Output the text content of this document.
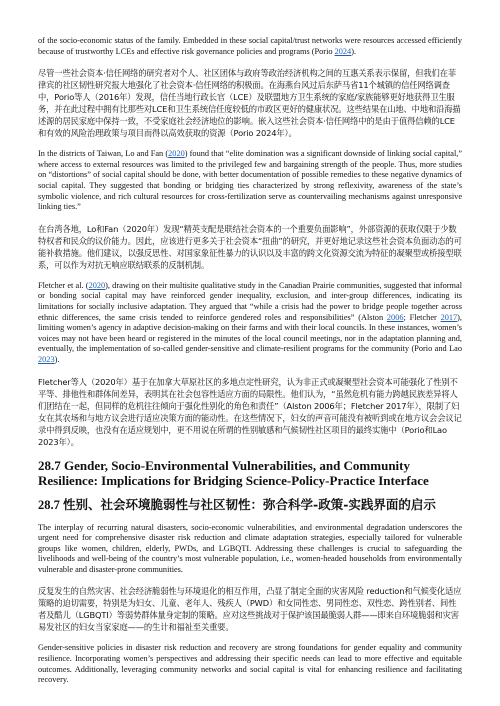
of the socio-economic status of the family. Embedded in these social capital/trust networks were resources accessed efficiently because of trustworthy LCEs and effective risk governance policies and programs (Porio 2024).

尽管一些社会资本·信任网络的研究者对个人、社区团体与政府等政治经济机构之间的互惠关系表示保留，但我们在菲律宾的社区韧性研究报大地强化了社会资本·信任网络的积极面。在海燕台风过后东萨马省11个城镇的信任网络调查中，Porio等人（2016年）发现，信任当地行政长官（LCE）及联盟地方卫生系统的家庭/家族能够更好地获得卫生服务，并在此过程中拥有比那些对LCE和卫生系统信任度较低的市政区更好的健康状况。这些结果在山地、中地和沿海描述源的居民家庭中保持一致，不受家庭社会经济地位的影响。嵌入这些社会资本·信任网络中的是由于值得信赖的LCE和有效的风险治理政策与项目而得以高效获取的资源（Porio 2024年）。

In the districts of Taiwan, Lo and Fan (2020) found that “elite domination was a significant downside of linking social capital,” where access to external resources was limited to the privileged few and bargaining strength of the people. Thus, more studies on “distortions” of social capital should be done, with better documentation of possible remedies to these negative dynamics of social capital. They suggested that bonding or bridging ties characterized by strong reflexivity, awareness of the state’s symbolic violence, and rich cultural resources for cross-fertilization serve as countervailing mechanisms against unresponsive linking ties.”

在台湾各地，Lo和Fan（2020年）发现“精英支配是联结社会资本的一个重要负面影响”，外部资源的获取仅限于少数特权者和民众的议价能力。因此，应该进行更多关于社会资本“扭曲”的研究，并更好地记录这些社会资本负面动态的可能补救措施。他们建议，以强反思性、对国家象征性暴力的认识以及丰富的跨文化资源交流为特征的凝聚型或桥接型联系，可以作为对抗无响应联结联系的反制机制。

Fletcher et al. (2020), drawing on their multisite qualitative study in the Canadian Prairie communities, suggested that informal or bonding social capital may have reinforced gender inequality, exclusion, and inter-group differences, indicating its limitations for socially inclusive adaptation. They argued that “while a crisis had the power to bridge people together across ethnic differences, the same crisis tended to reinforce gendered roles and responsibilities” (Alston 2006; Fletcher 2017), limiting women’s agency in adaptive decision-making on their farms and with their local councils. In these instances, women’s voices may not have been heard or registered in the minutes of the local council meetings, nor in the adaptation planning and, eventually, the implementation of so-called gender-sensitive and climate-resilient programs for the community (Porio and Lao 2023).

Fletcher等人（2020年）基于在加拿大草原社区的多地点定性研究，认为非正式或凝聚型社会资本可能强化了性别不平等、排他性和群体间差异，表明其在社会包容性适应方面的局限性。他们认为，“虽然危机有能力跨越民族差异将人们团结在一起，但同样的危机往往倾向于强化性别化的角色和责任”（Alston 2006年；Fletcher 2017年），限制了妇女在其农场和与地方议会进行适应决策方面的能动性。在这些情况下，妇女的声音可能没有被听到或在地方议会会议记录中得到反映，也没有在适应规划中，更不用说在所谓的性别敏感和气候韧性社区项目的最终实施中（Porio和Lao 2023年）。

28.7 Gender, Socio-Environmental Vulnerabilities, and Community Resilience: Implications for Bridging Science-Policy-Practice Interface
28.7 性别、社会环境脆弱性与社区韧性：弥合科学-政策-实践界面的启示

The interplay of recurring natural disasters, socio-economic vulnerabilities, and environmental degradation underscores the urgent need for comprehensive disaster risk reduction and climate adaptation strategies, especially tailored for vulnerable groups like women, children, elderly, PWDs, and LGBQTI. Addressing these challenges is crucial to safeguarding the livelihoods and well-being of the country’s most vulnerable population, i.e., women-headed households from environmentally vulnerable and disaster-prone communities.

反复发生的自然灾害、社会经济脆弱性与环境退化的相互作用，凸显了制定全面的灾害风险 reduction和气候变化适应策略的迫切需要，特别是为妇女、儿童、老年人、残疾人（PWD）和女同性恋、男同性恋、双性恋、跨性别者、间性者及酷儿（LGBQTI）等弱势群体量身定制的策略。应对这些挑战对于保护该国最脆弱人群——即来自环境脆弱和灾害易发社区的妇女当家家庭——的生计和福祉至关重要。

Gender-sensitive policies in disaster risk reduction and recovery are strong foundations for gender equality and community resilience. Incorporating women’s perspectives and addressing their specific needs can lead to more effective and equitable outcomes. Additionally, leveraging community networks and social capital is vital for enhancing resilience and facilitating recovery.
